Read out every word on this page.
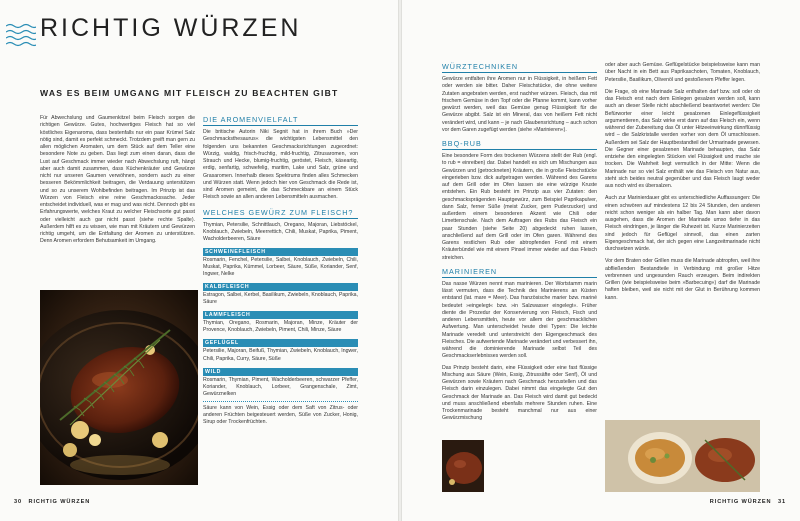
RICHTIG WÜRZEN
WAS ES BEIM UMGANG MIT FLEISCH ZU BEACHTEN GIBT
Für Abwechslung und Gaumenkitzel beim Fleisch sorgen die richtigen Gewürze. Gutes, hochwertiges Fleisch hat so viel köstliches Eigenaroma, dass bestenfalls nur ein paar Krümel Salz nötig sind, damit es perfekt schmeckt. Trotzdem greift man gern zu allen möglichen Aromaten, um dem Stück auf dem Teller eine besondere Note zu geben. Das liegt zum einen daran, dass die Lust auf Geschmack immer wieder nach Abwechslung ruft, hängt aber auch damit zusammen, dass Küchenkräuter und Gewürze nicht nur unseren Gaumen verwöhnen, sondern auch zu einer besseren Bekömmlichkeit beitragen, die Verdauung unterstützen und so zu unserem Wohlbefinden beitragen. Im Prinzip ist das Würzen von Fleisch eine reine Geschmackssache. Jeder entscheidet individuell, was er mag und was nicht. Dennoch gibt es Erfahrungswerte, welches Kraut zu welcher Fleischsorte gut passt oder vielleicht auch gar nicht passt (siehe rechte Spalte). Außerdem hilft es zu wissen, wie man mit Kräutern und Gewürzen richtig umgeht, um die Entfaltung der Aromen zu unterstützen. Denn Aromen erfordern Behutsamkeit im Umgang.
DIE AROMENVIELFALT
Die britische Autorin Niki Segnit hat in ihrem Buch »Der Geschmacksthesaurus« die wichtigsten Lebensmittel den folgenden uns bekannten Geschmacksrichtungen zugeordnet: Würzig, waldig, frisch-fruchtig, mild-fruchtig, Zitrusaromen, von Strauch und Hecke, blumig-fruchtig, geröstet, Fleisch, käseartig, erdig, senfartig, schwefelig, maritim, Lake und Salz, grüne und Grasaromen. Innerhalb dieses Spektrums finden alles Schmecken und Würzen statt. Wenn jedoch hier von Geschmack die Rede ist, sind Aromen gemeint, die das Schmeckbare an einem Stück Fleisch sowie an allen anderen Lebensmitteln ausmachen.
WELCHES GEWÜRZ ZUM FLEISCH?
Thymian, Petersilie, Schnittlauch, Oregano, Majoran, Liebstöckel, Knoblauch, Zwiebeln, Meerrettich, Chili, Muskat, Paprika, Piment, Wacholderbeeren, Säure
SCHWEINEFLEISCH
Rosmarin, Fenchel, Petersilie, Salbei, Knoblauch, Zwiebeln, Chili, Muskat, Paprika, Kümmel, Lorbeer, Säure, Süße, Koriander, Senf, Ingwer, Nelke
KALBFLEISCH
Estragon, Salbei, Kerbel, Basilikum, Zwiebeln, Knoblauch, Paprika, Säure
LAMMFLEISCH
Thymian, Oregano, Rosmarin, Majoran, Minze, Kräuter der Provence, Knoblauch, Zwiebeln, Piment, Chili, Minze, Säure
GEFLÜGEL
Petersilie, Majoran, Beifuß, Thymian, Zwiebeln, Knoblauch, Ingwer, Chili, Paprika, Curry, Säure, Süße
WILD
Rosmarin, Thymian, Piment, Wacholderbeeren, schwarzer Pfeffer, Koriander, Knoblauch, Lorbeer, Grangenschale, Zimt, Gewürznelken
Säure kann von Wein, Essig oder dem Saft von Zitrus- oder anderen Früchten beigesteuert werden, Süße von Zucker, Honig, Sirup oder Trockenfrüchten.
30 RICHTIG WÜRZEN
WÜRZTECHNIKEN
Gewürze entfalten ihre Aromen nur in Flüssigkeit, in heißem Fett oder werden sie bitter. Daher Fleischstücke, die ohne weitere Zutaten angebraten werden, erst nachher würzen. Fleisch, das mit frischem Gemüse in den Topf oder die Pfanne kommt, kann vorher gewürzt werden, weil das Gemüse genug Flüssigkeit für die Gewürze abgibt. Salz ist ein Mineral, das von heißem Fett nicht verändert wird, und kann – je nach Glaubensrichtung – auch schon vor dem Garen zugefügt werden (siehe »Marinieren«).
BBQ-RUB
Eine besondere Form des trockenen Würzens stellt der Rub (engl. to rub = einreiben) dar. Dabei handelt es sich um Mischungen aus Gewürzen und (getrockneten) Kräutern, die in große Fleischstücke eingerieben bzw. dick aufgetragen werden. Während des Garens auf dem Grill oder im Ofen lassen sie eine würzige Kruste entstehen. Ein Rub besteht im Prinzip aus vier Zutaten: den geschmacksprägenden Hauptgewürz, zum Beispiel Paprikapulver, dann Salz, ferner Süße (meist Zucker, gern Puderzucker) und außerdem einem besonderen Akzent wie Chili oder Limettenschale. Nach dem Auftragen des Rubs das Fleisch ein paar Stunden (siehe Seite 20) abgedeckt ruhen lassen, anschließend auf dem Grill oder im Ofen garen. Während des Garens restlichen Rub oder abtropfenden Fond mit einem Kräuterbündel wie mit einem Pinsel immer wieder auf das Fleisch streichen.
MARINIEREN
Das nasse Würzen nennt man marinieren. Der Wortstamm marin lässt vermuten, dass die Technik des Marinierens an Küsten entstand (lat. mare = Meer). Das französische marier bzw. mariné bedeutet »eingelegt« bzw. »in Salzwasser eingelegt«. Früher diente die Prozedur der Konservierung von Fleisch, Fisch und anderen Lebensmitteln, heute vor allem der geschmacklichen Aufwertung. Man unterscheidet heute drei Typen: Die leichte Marinade veredelt und unterstreicht den Eigengeschmack des Fleisches. Die aufwertende Marinade verändert und verbessert ihn, während die dominierende Marinade selbst Teil des Geschmackserlebnisses werden soll.
Das Prinzip besteht darin, eine Flüssigkeit oder eine fast flüssige Mischung aus Säure (Wein, Essig, Zitrussäfte oder Senf), Öl und Gewürzen sowie Kräutern nach Geschmack herzustellen und das Fleisch darin einzulegen. Dabei nimmt das eingelegte Gut den Geschmack der Marinade an. Das Fleisch wird damit gut bedeckt und muss anschließend ebenfalls mehrere Stunden ruhen. Eine Trockenmarinade besteht manchmal nur aus einer Gewürzmischung
oder aber auch Gemüse. Geflügelstücke beispielsweise kann man über Nacht in ein Bett aus Paprikaschoten, Tomaten, Knoblauch, Petersilie, Basilikum, Olivenöl und gestoßenem Pfeffer legen.
Die Frage, ob eine Marinade Salz enthalten darf bzw. soll oder ob das Fleisch erst nach dem Einlegen gesalzen werden soll, kann auch an dieser Stelle nicht abschließend beantwortet werden: Die Befürworter einer leicht gesalzenen Einlegeflüssigkeit argumentieren, das Salz wirke erst dann auf das Fleisch ein, wenn während der Zubereitung das Öl unter Hitzeeinwirkung dünnflüssig wird – die Salzkristalle werden vorher von dem Öl umschlossen. Außerdem sei Salz der Hauptbestandteil der Urmarinade gewesen. Die Gegner einer gesalzenen Marinade behaupten, das Salz entziehe den eingelegten Stücken viel Flüssigkeit und mache sie trocken. Die Wahrheit liegt vermutlich in der Mitte: Wenn die Marinade nur so viel Salz enthält wie das Fleisch von Natur aus, steht sich beides neutral gegenüber und das Fleisch laugt weder aus noch wird es übersalzen.
Auch zur Marinierdauer gibt es unterschiedliche Auffassungen: Die einen schwören auf mindestens 12 bis 24 Stunden, den anderen reicht schon weniger als ein halber Tag. Man kann aber davon ausgehen, dass die Aromen der Marinade umso tiefer in das Fleisch eindringen, je länger die Ruhezeit ist. Kurze Marinierzeiten sind jedoch für Geflügel sinnvoll, das einen zarten Eigengeschmack hat, der sich gegen eine Langzeitmarinade nicht durchsetzen würde.
Vor dem Braten oder Grillen muss die Marinade abtropfen, weil ihre abfließenden Bestandteile in Verbindung mit großer Hitze verbrennen und ungesunden Rauch erzeugen. Beim indirekten Grillen (wie beispielsweise beim »Barbecuing«) darf die Marinade haften bleiben, weil sie nicht mit der Glut in Berührung kommen kann.
RICHTIG WÜRZEN 31
